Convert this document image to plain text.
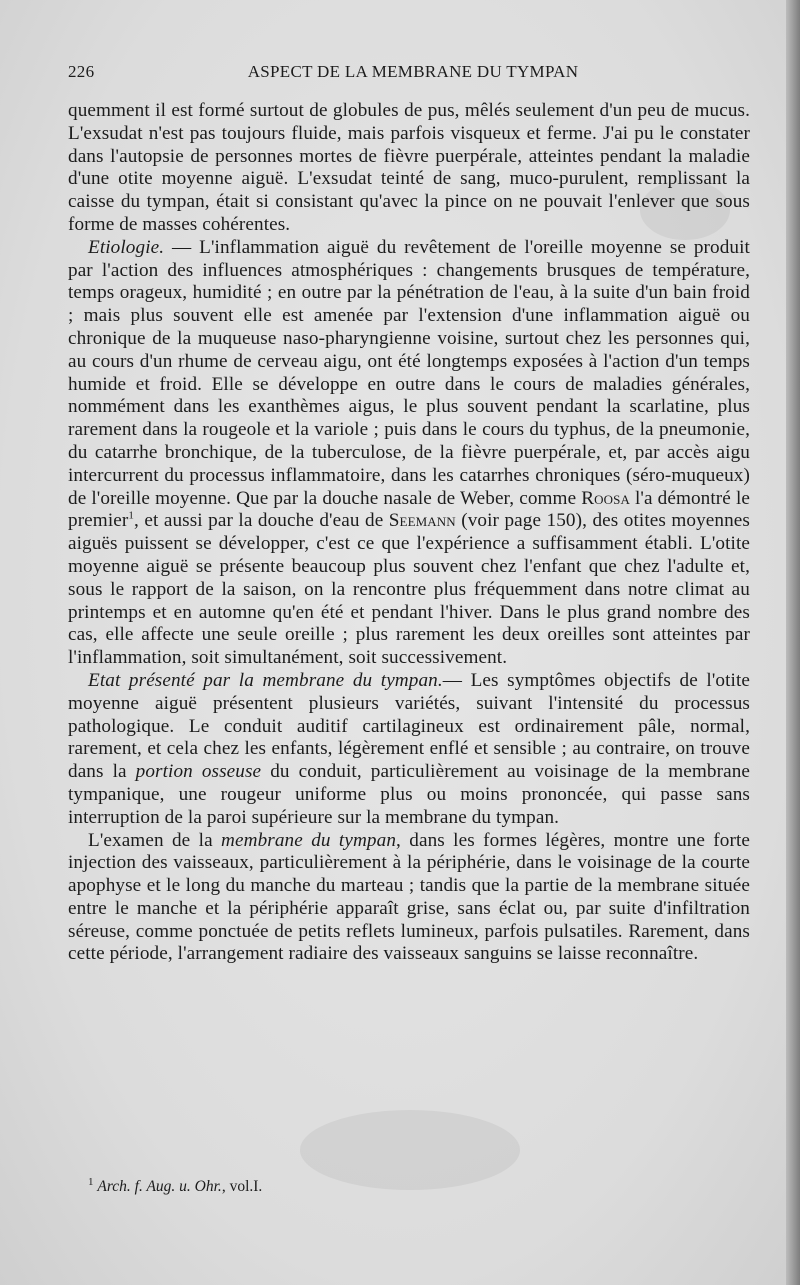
226	ASPECT DE LA MEMBRANE DU TYMPAN

quemment il est formé surtout de globules de pus, mêlés seulement d'un peu de mucus. L'exsudat n'est pas toujours fluide, mais parfois visqueux et ferme. J'ai pu le constater dans l'autopsie de personnes mortes de fièvre puerpérale, atteintes pendant la maladie d'une otite moyenne aiguë. L'exsudat teinté de sang, muco-purulent, remplissant la caisse du tympan, était si consistant qu'avec la pince on ne pouvait l'enlever que sous forme de masses cohérentes.

Etiologie. — L'inflammation aiguë du revêtement de l'oreille moyenne se produit par l'action des influences atmosphériques : changements brusques de température, temps orageux, humidité ; en outre par la pénétration de l'eau, à la suite d'un bain froid ; mais plus souvent elle est amenée par l'extension d'une inflammation aiguë ou chronique de la muqueuse naso-pharyngienne voisine, surtout chez les personnes qui, au cours d'un rhume de cerveau aigu, ont été longtemps exposées à l'action d'un temps humide et froid. Elle se développe en outre dans le cours de maladies générales, nommément dans les exanthèmes aigus, le plus souvent pendant la scarlatine, plus rarement dans la rougeole et la variole ; puis dans le cours du typhus, de la pneumonie, du catarrhe bronchique, de la tuberculose, de la fièvre puerpérale, et, par accès aigu intercurrent du processus inflammatoire, dans les catarrhes chroniques (séro-muqueux) de l'oreille moyenne. Que par la douche nasale de Weber, comme Roosa l'a démontré le premier$^1$, et aussi par la douche d'eau de Seemann (voir page 150), des otites moyennes aiguës puissent se développer, c'est ce que l'expérience a suffisamment établi. L'otite moyenne aiguë se présente beaucoup plus souvent chez l'enfant que chez l'adulte et, sous le rapport de la saison, on la rencontre plus fréquemment dans notre climat au printemps et en automne qu'en été et pendant l'hiver. Dans le plus grand nombre des cas, elle affecte une seule oreille ; plus rarement les deux oreilles sont atteintes par l'inflammation, soit simultanément, soit successivement.

Etat présenté par la membrane du tympan.— Les symptômes objectifs de l'otite moyenne aiguë présentent plusieurs variétés, suivant l'intensité du processus pathologique. Le conduit auditif cartilagineux est ordinairement pâle, normal, rarement, et cela chez les enfants, légèrement enflé et sensible ; au contraire, on trouve dans la portion osseuse du conduit, particulièrement au voisinage de la membrane tympanique, une rougeur uniforme plus ou moins prononcée, qui passe sans interruption de la paroi supérieure sur la membrane du tympan.

L'examen de la membrane du tympan, dans les formes légères, montre une forte injection des vaisseaux, particulièrement à la périphérie, dans le voisinage de la courte apophyse et le long du manche du marteau ; tandis que la partie de la membrane située entre le manche et la périphérie apparaît grise, sans éclat ou, par suite d'infiltration séreuse, comme ponctuée de petits reflets lumineux, parfois pulsatiles. Rarement, dans cette période, l'arrangement radiaire des vaisseaux sanguins se laisse reconnaître.

$^1$ Arch. f. Aug. u. Ohr., vol.I.
